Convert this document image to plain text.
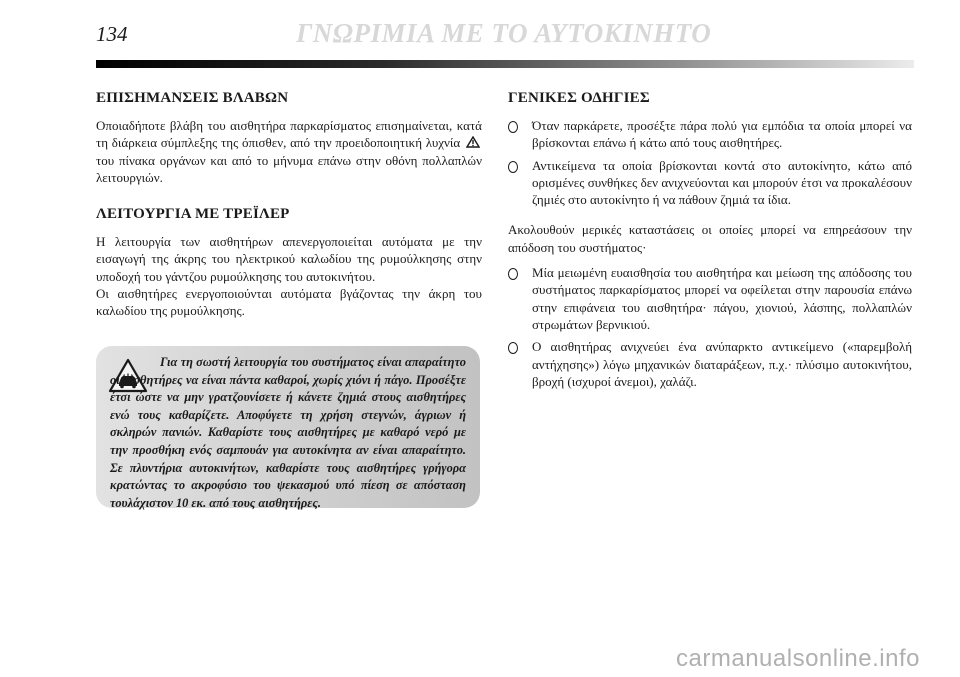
134	ΓΝΩΡΙΜΙΑ ΜΕ ΤΟ ΑΥΤΟΚΙΝΗΤΟ
ΕΠΙΣΗΜΑΝΣΕΙΣ ΒΛΑΒΩΝ

Οποιαδήποτε βλάβη του αισθητήρα παρκαρίσματος επισημαίνεται, κατά τη διάρκεια σύμπλεξης της όπισθεν, από την προειδοποιητική λυχνία  του πίνακα οργάνων και από το μήνυμα επάνω στην οθόνη πολλαπλών λειτουργιών.

ΛΕΙΤΟΥΡΓΙΑ ΜΕ ΤΡΕΪΛΕΡ

Η λειτουργία των αισθητήρων απενεργοποιείται αυτόματα με την εισαγωγή της άκρης του ηλεκτρικού καλωδίου της ρυμούλκησης στην υποδοχή του γάντζου ρυμούλκησης του αυτοκινήτου.

Οι αισθητήρες ενεργοποιούνται αυτόματα βγάζοντας την άκρη του καλωδίου της ρυμούλκησης.

Για τη σωστή λειτουργία του συστήματος είναι απαραίτητο οι αισθητήρες να είναι πάντα καθαροί, χωρίς χιόνι ή πάγο. Προσέξτε έτσι ώστε να μην γρατζουνίσετε ή κάνετε ζημιά στους αισθητήρες ενώ τους καθαρίζετε. Αποφύγετε τη χρήση στεγνών, άγριων ή σκληρών πανιών. Καθαρίστε τους αισθητήρες με καθαρό νερό με την προσθήκη ενός σαμπουάν για αυτοκίνητα αν είναι απαραίτητο. Σε πλυντήρια αυτοκινήτων, καθαρίστε τους αισθητήρες γρήγορα κρατώντας το ακροφύσιο του ψεκασμού υπό πίεση σε απόσταση τουλάχιστον 10 εκ. από τους αισθητήρες.
ΓΕΝΙΚΕΣ ΟΔΗΓΙΕΣ
Όταν παρκάρετε, προσέξτε πάρα πολύ για εμπόδια τα οποία μπορεί να βρίσκονται επάνω ή κάτω από τους αισθητήρες.
Αντικείμενα τα οποία βρίσκονται κοντά στο αυτοκίνητο, κάτω από ορισμένες συνθήκες δεν ανιχνεύονται και μπορούν έτσι να προκαλέσουν ζημιές στο αυτοκίνητο ή να πάθουν ζημιά τα ίδια.

Ακολουθούν μερικές καταστάσεις οι οποίες μπορεί να επηρεάσουν την απόδοση του συστήματος·

Μία μειωμένη ευαισθησία του αισθητήρα και μείωση της απόδοσης του συστήματος παρκαρίσματος μπορεί να οφείλεται στην παρουσία επάνω στην επιφάνεια του αισθητήρα· πάγου, χιονιού, λάσπης, πολλαπλών στρωμάτων βερνικιού.
Ο αισθητήρας ανιχνεύει ένα ανύπαρκτο αντικείμενο («παρεμβολή αντήχησης») λόγω μηχανικών διαταράξεων, π.χ.· πλύσιμο αυτοκινήτου, βροχή (ισχυροί άνεμοι), χαλάζι.
carmanualsonline.info
